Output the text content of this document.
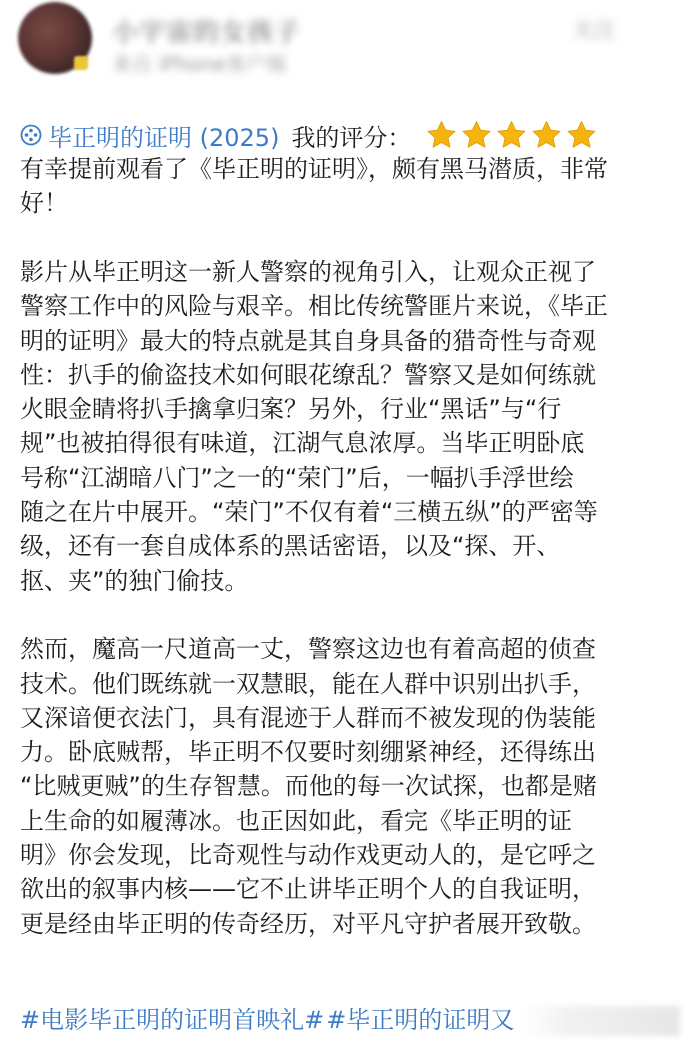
小宇宙的女孩子
来自 iPhone客户端
关注
毕正明的证明 (2025) 我的评分：
有幸提前观看了《毕正明的证明》，颇有黑马潜质，非常
好！
影片从毕正明这一新人警察的视角引入，让观众正视了
警察工作中的风险与艰辛。相比传统警匪片来说，《毕正
明的证明》最大的特点就是其自身具备的猎奇性与奇观
性：扒手的偷盗技术如何眼花缭乱？警察又是如何练就
火眼金睛将扒手擒拿归案？另外，行业“黑话”与“行
规”也被拍得很有味道，江湖气息浓厚。当毕正明卧底
号称“江湖暗八门”之一的“荣门”后，一幅扒手浮世绘
随之在片中展开。“荣门”不仅有着“三横五纵”的严密等
级，还有一套自成体系的黑话密语，以及“探、开、
抠、夹”的独门偷技。
然而，魔高一尺道高一丈，警察这边也有着高超的侦查
技术。他们既练就一双慧眼，能在人群中识别出扒手，
又深谙便衣法门，具有混迹于人群而不被发现的伪装能
力。卧底贼帮，毕正明不仅要时刻绷紧神经，还得练出
“比贼更贼”的生存智慧。而他的每一次试探，也都是赌
上生命的如履薄冰。也正因如此，看完《毕正明的证
明》你会发现，比奇观性与动作戏更动人的，是它呼之
欲出的叙事内核——它不止讲毕正明个人的自我证明，
更是经由毕正明的传奇经历，对平凡守护者展开致敬。
#电影毕正明的证明首映礼##毕正明的证明又
